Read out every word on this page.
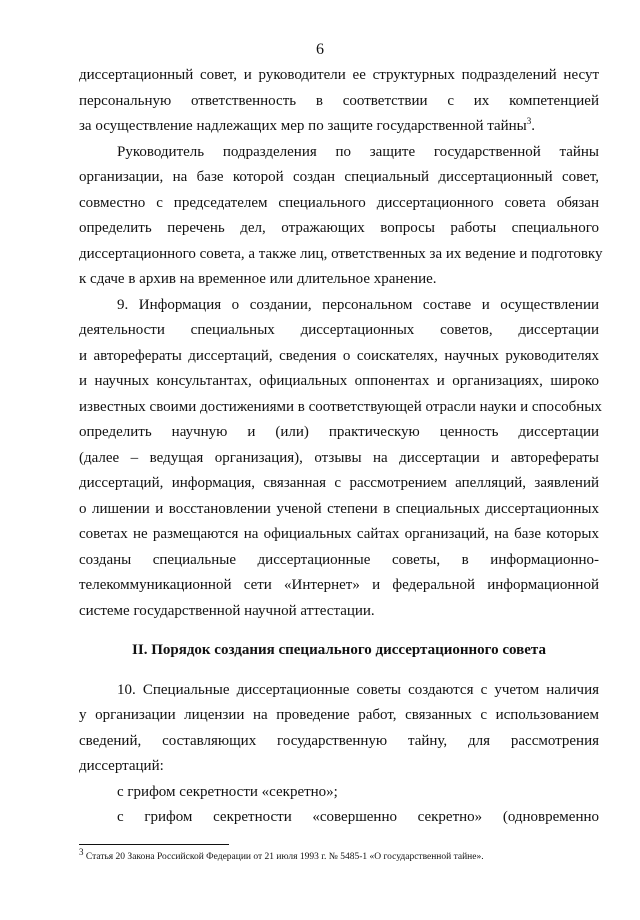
6
диссертационный совет, и руководители ее структурных подразделений несут
персональную ответственность в соответствии с их компетенцией
за осуществление надлежащих мер по защите государственной тайны$^3$.
Руководитель подразделения по защите государственной тайны
организации, на базе которой создан специальный диссертационный совет,
совместно с председателем специального диссертационного совета обязан
определить перечень дел, отражающих вопросы работы специального
диссертационного совета, а также лиц, ответственных за их ведение и подготовку
к сдаче в архив на временное или длительное хранение.
9. Информация о создании, персональном составе и осуществлении
деятельности специальных диссертационных советов, диссертации
и авторефераты диссертаций, сведения о соискателях, научных руководителях
и научных консультантах, официальных оппонентах и организациях, широко
известных своими достижениями в соответствующей отрасли науки и способных
определить научную и (или) практическую ценность диссертации
(далее – ведущая организация), отзывы на диссертации и авторефераты
диссертаций, информация, связанная с рассмотрением апелляций, заявлений
о лишении и восстановлении ученой степени в специальных диссертационных
советах не размещаются на официальных сайтах организаций, на базе которых
созданы специальные диссертационные советы, в информационно-
телекоммуникационной сети «Интернет» и федеральной информационной
системе государственной научной аттестации.
II. Порядок создания специального диссертационного совета
10. Специальные диссертационные советы создаются с учетом наличия
у организации лицензии на проведение работ, связанных с использованием
сведений, составляющих государственную тайну, для рассмотрения
диссертаций:
с грифом секретности «секретно»;
с грифом секретности «совершенно секретно» (одновременно
$^3$ Статья 20 Закона Российской Федерации от 21 июля 1993 г. № 5485-1 «О государственной тайне».
